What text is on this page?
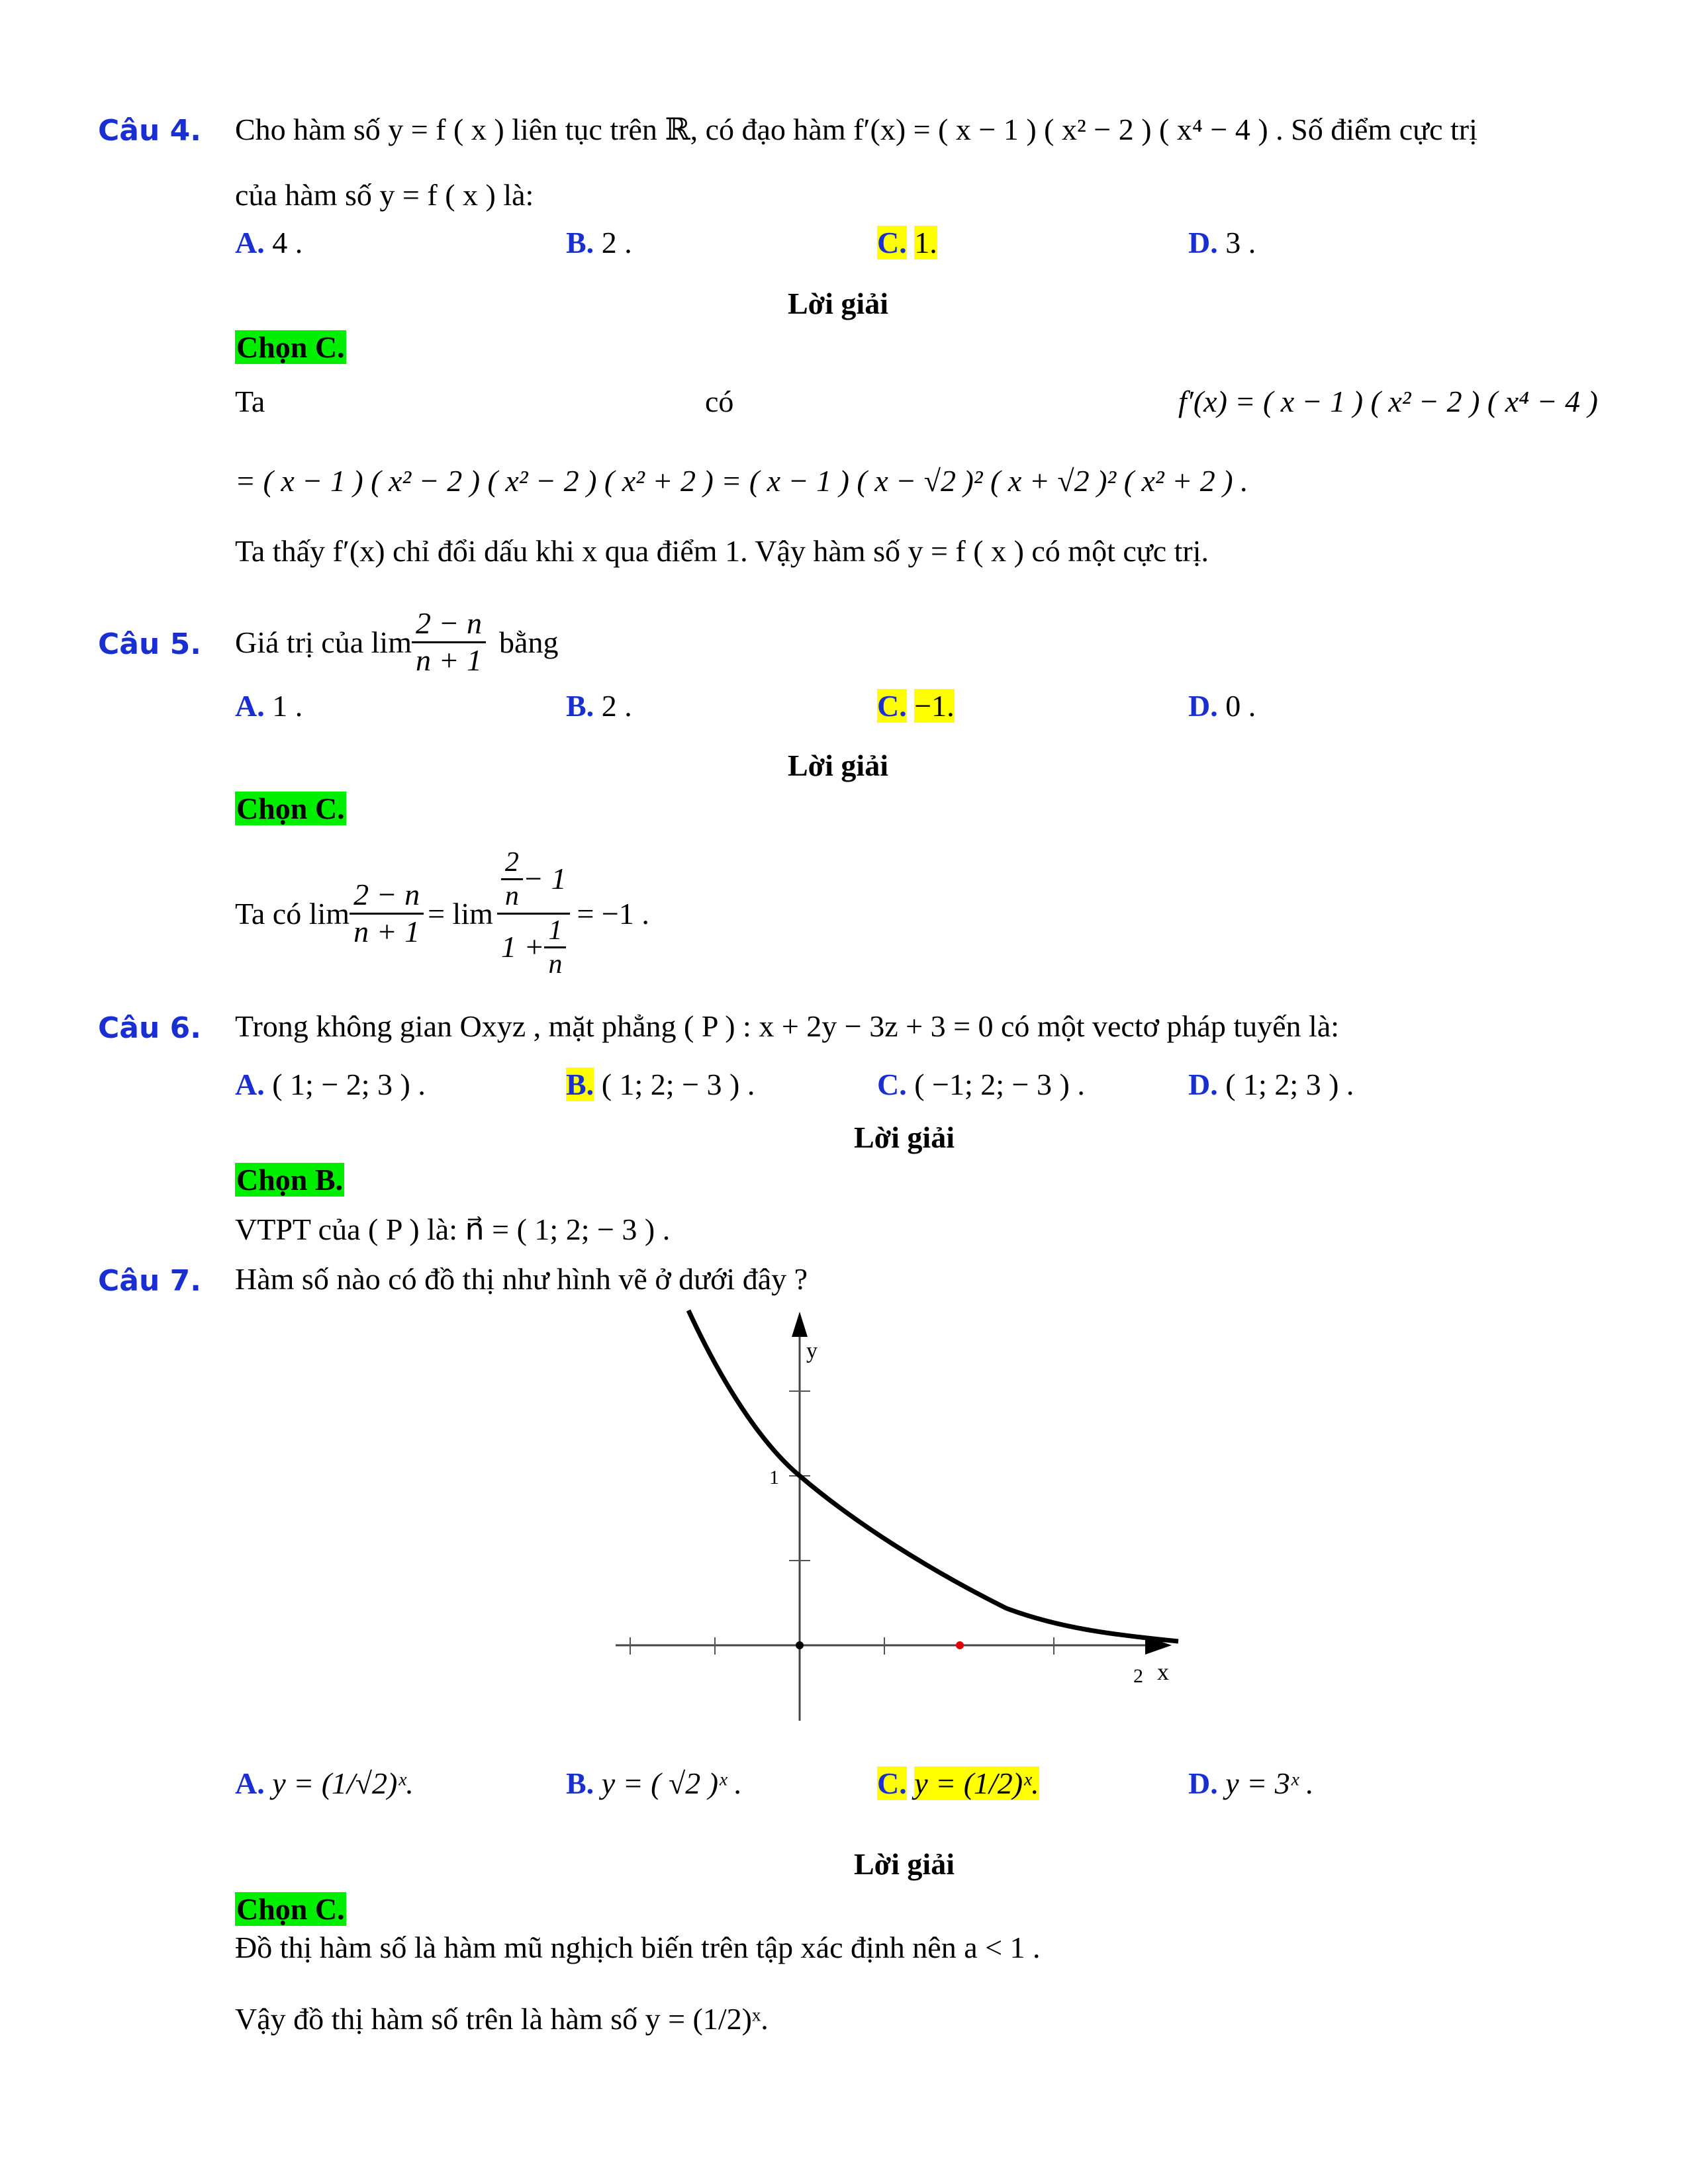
Câu 4. Cho hàm số y = f ( x ) liên tục trên ℝ, có đạo hàm f′(x) = ( x − 1 ) ( x² − 2 ) ( x⁴ − 4 ) . Số điểm cực trị
của hàm số y = f ( x ) là:
A. 4 .	B. 2 .	C. 1.	D. 3 .
Lời giải
Chọn C.
Ta	có	f′(x) = ( x − 1 ) ( x² − 2 ) ( x⁴ − 4 )
= ( x − 1 ) ( x² − 2 ) ( x² − 2 ) ( x² + 2 ) = ( x − 1 ) ( x − √2 )² ( x + √2 )² ( x² + 2 ) .
Ta thấy f′(x) chỉ đổi dấu khi x qua điểm 1. Vậy hàm số y = f ( x ) có một cực trị.
Câu 5. Giá trị của $\lim \frac{2 - n}{n + 1}$ bằng
A. 1 .	B. 2 .	C. −1.	D. 0 .
Lời giải
Chọn C.
Ta có $\lim \frac{2 - n}{n + 1} = \lim \frac{\frac{2}{n} - 1}{1 + \frac{1}{n}} = -1$ .
Câu 6. Trong không gian Oxyz , mặt phẳng ( P ) : x + 2y − 3z + 3 = 0 có một vectơ pháp tuyến là:
A. ( 1; − 2; 3 ) .	B. ( 1; 2; − 3 ) .	C. ( −1; 2; − 3 ) .	D. ( 1; 2; 3 ) .
Lời giải
Chọn B.
VTPT của ( P ) là: n⃗ = ( 1; 2; − 3 ) .
Câu 7. Hàm số nào có đồ thị như hình vẽ ở dưới đây ?
y
1
2 x
A. y = (1/√2)ˣ.	B. y = ( √2 )ˣ .	C. y = (1/2)ˣ.	D. y = 3ˣ .
Lời giải
Chọn C.
Đồ thị hàm số là hàm mũ nghịch biến trên tập xác định nên a < 1 .
Vậy đồ thị hàm số trên là hàm số y = (1/2)ˣ.
